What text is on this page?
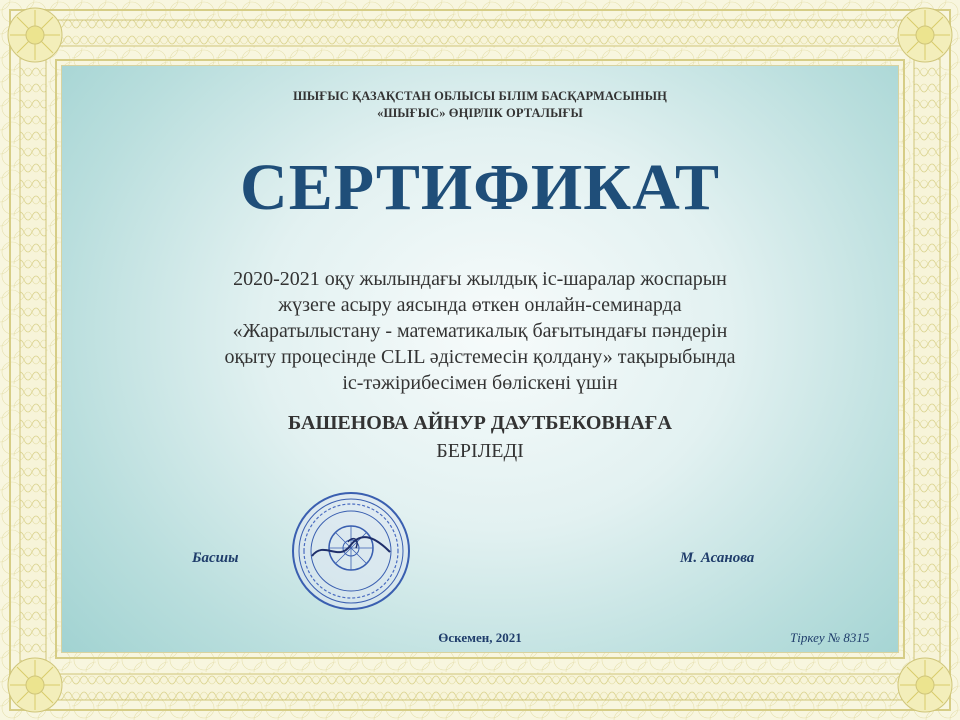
ШЫҒЫС ҚАЗАҚСТАН ОБЛЫСЫ БІЛІМ БАСҚАРМАСЫНЫҢ
«ШЫҒЫС» ӨҢІРЛІК ОРТАЛЫҒЫ
СЕРТИФИКАТ
2020-2021 оқу жылындағы жылдық іс-шаралар жоспарын
жүзеге асыру аясында өткен онлайн-семинарда
«Жаратылыстану - математикалық бағытындағы пәндерін
оқыту процесінде CLIL әдістемесін қолдану» тақырыбында
іс-тәжірибесімен бөліскені үшін
БАШЕНОВА АЙНУР ДАУТБЕКОВНАҒА
БЕРІЛЕДІ
Басшы	М. Асанова
Өскемен, 2021	Тіркеу № 8315
